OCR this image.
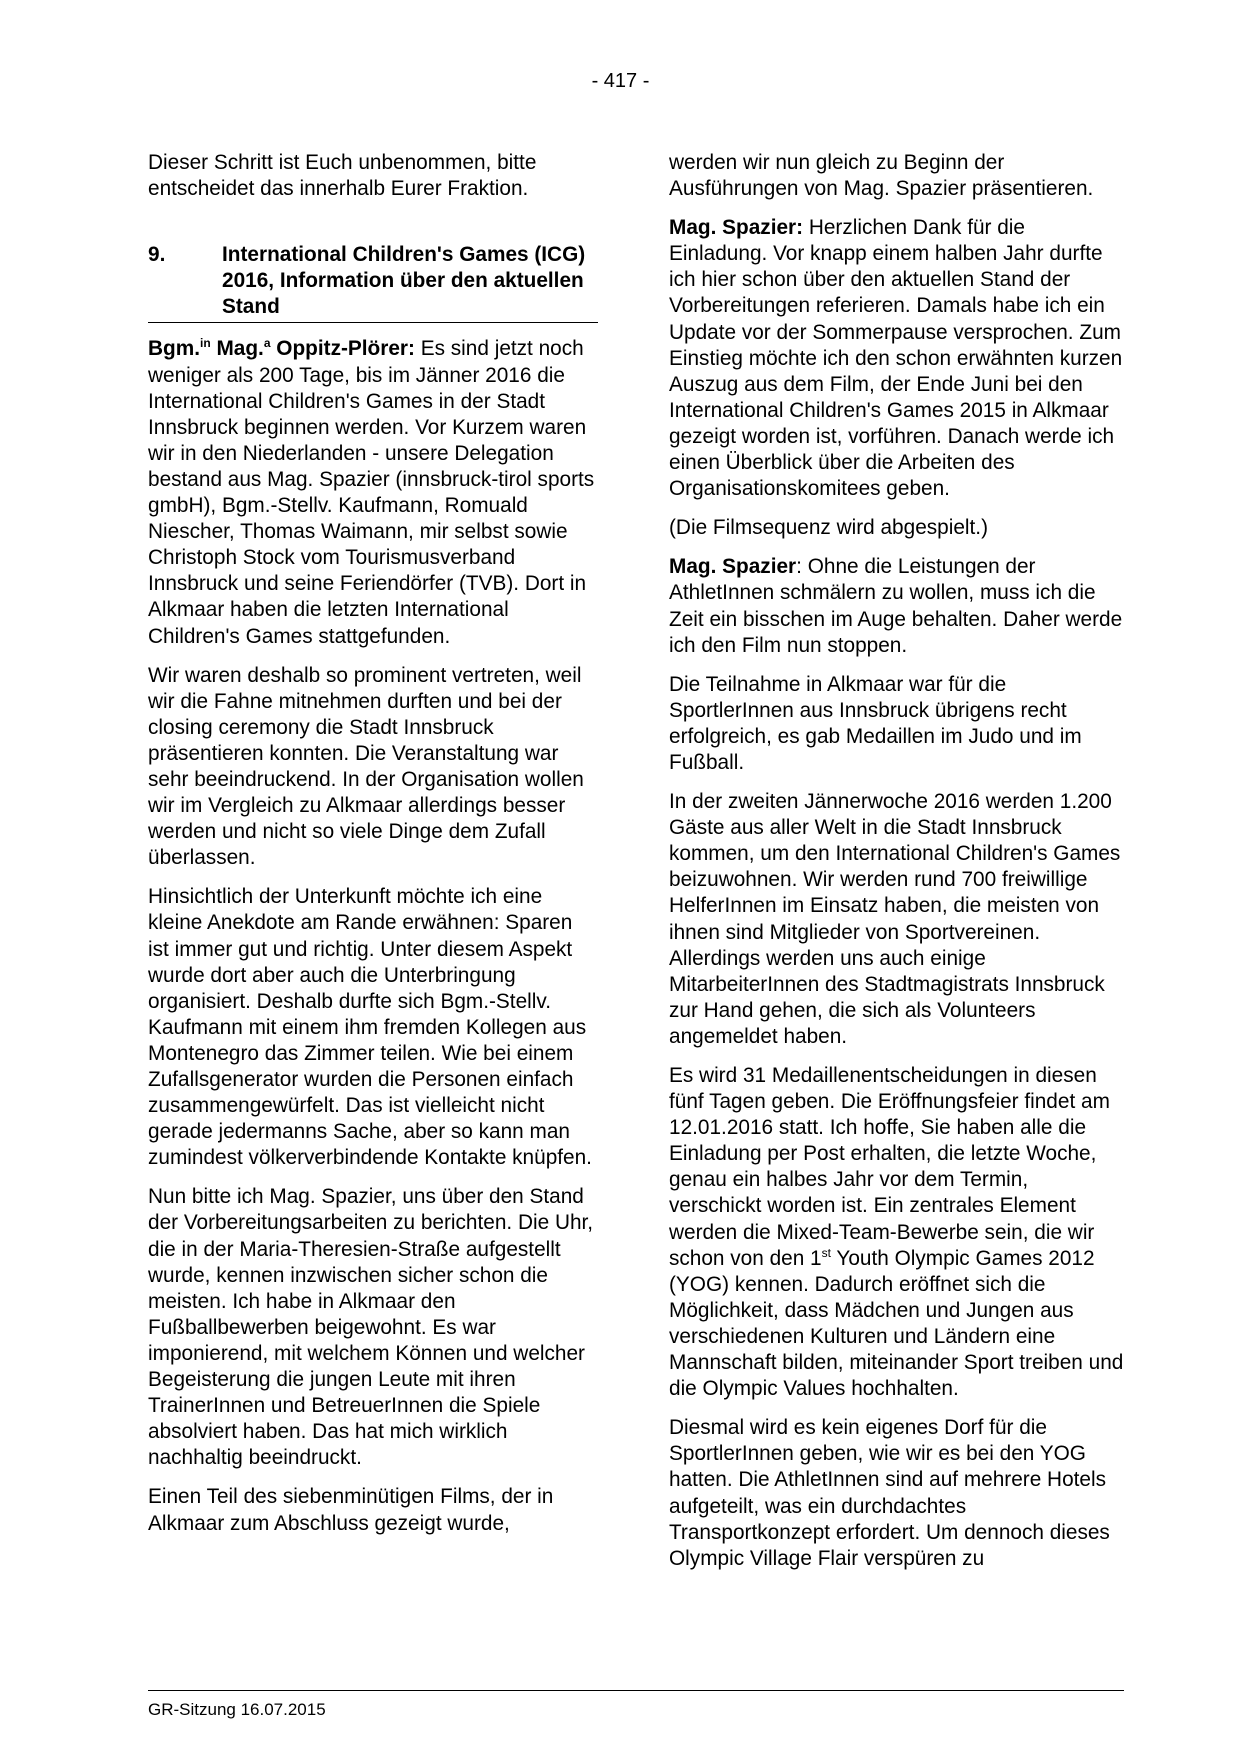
- 417 -

Dieser Schritt ist Euch unbenommen, bitte entscheidet das innerhalb Eurer Fraktion.

9.	International Children's Games (ICG) 2016, Information über den aktuellen Stand

Bgm.$^{in}$ Mag.$^a$ Oppitz-Plörer: Es sind jetzt noch weniger als 200 Tage, bis im Jänner 2016 die International Children's Games in der Stadt Innsbruck beginnen werden. Vor Kurzem waren wir in den Niederlanden - unsere Delegation bestand aus Mag. Spazier (innsbruck-tirol sports gmbH), Bgm.-Stellv. Kaufmann, Romuald Niescher, Thomas Waimann, mir selbst sowie Christoph Stock vom Tourismusverband Innsbruck und seine Feriendörfer (TVB). Dort in Alkmaar haben die letzten International Children's Games stattgefunden.

Wir waren deshalb so prominent vertreten, weil wir die Fahne mitnehmen durften und bei der closing ceremony die Stadt Innsbruck präsentieren konnten. Die Veranstaltung war sehr beeindruckend. In der Organisation wollen wir im Vergleich zu Alkmaar allerdings besser werden und nicht so viele Dinge dem Zufall überlassen.

Hinsichtlich der Unterkunft möchte ich eine kleine Anekdote am Rande erwähnen: Sparen ist immer gut und richtig. Unter diesem Aspekt wurde dort aber auch die Unterbringung organisiert. Deshalb durfte sich Bgm.-Stellv. Kaufmann mit einem ihm fremden Kollegen aus Montenegro das Zimmer teilen. Wie bei einem Zufallsgenerator wurden die Personen einfach zusammengewürfelt. Das ist vielleicht nicht gerade jedermanns Sache, aber so kann man zumindest völkerverbindende Kontakte knüpfen.

Nun bitte ich Mag. Spazier, uns über den Stand der Vorbereitungsarbeiten zu berichten. Die Uhr, die in der Maria-Theresien-Straße aufgestellt wurde, kennen inzwischen sicher schon die meisten. Ich habe in Alkmaar den Fußballbewerben beigewohnt. Es war imponierend, mit welchem Können und welcher Begeisterung die jungen Leute mit ihren TrainerInnen und BetreuerInnen die Spiele absolviert haben. Das hat mich wirklich nachhaltig beeindruckt.

Einen Teil des siebenminütigen Films, der in Alkmaar zum Abschluss gezeigt wurde,

werden wir nun gleich zu Beginn der Ausführungen von Mag. Spazier präsentieren.

Mag. Spazier: Herzlichen Dank für die Einladung. Vor knapp einem halben Jahr durfte ich hier schon über den aktuellen Stand der Vorbereitungen referieren. Damals habe ich ein Update vor der Sommerpause versprochen. Zum Einstieg möchte ich den schon erwähnten kurzen Auszug aus dem Film, der Ende Juni bei den International Children's Games 2015 in Alkmaar gezeigt worden ist, vorführen. Danach werde ich einen Überblick über die Arbeiten des Organisationskomitees geben.

(Die Filmsequenz wird abgespielt.)

Mag. Spazier: Ohne die Leistungen der AthletInnen schmälern zu wollen, muss ich die Zeit ein bisschen im Auge behalten. Daher werde ich den Film nun stoppen.

Die Teilnahme in Alkmaar war für die SportlerInnen aus Innsbruck übrigens recht erfolgreich, es gab Medaillen im Judo und im Fußball.

In der zweiten Jännerwoche 2016 werden 1.200 Gäste aus aller Welt in die Stadt Innsbruck kommen, um den International Children's Games beizuwohnen. Wir werden rund 700 freiwillige HelferInnen im Einsatz haben, die meisten von ihnen sind Mitglieder von Sportvereinen. Allerdings werden uns auch einige MitarbeiterInnen des Stadtmagistrats Innsbruck zur Hand gehen, die sich als Volunteers angemeldet haben.

Es wird 31 Medaillenentscheidungen in diesen fünf Tagen geben. Die Eröffnungsfeier findet am 12.01.2016 statt. Ich hoffe, Sie haben alle die Einladung per Post erhalten, die letzte Woche, genau ein halbes Jahr vor dem Termin, verschickt worden ist. Ein zentrales Element werden die Mixed-Team-Bewerbe sein, die wir schon von den 1st Youth Olympic Games 2012 (YOG) kennen. Dadurch eröffnet sich die Möglichkeit, dass Mädchen und Jungen aus verschiedenen Kulturen und Ländern eine Mannschaft bilden, miteinander Sport treiben und die Olympic Values hochhalten.

Diesmal wird es kein eigenes Dorf für die SportlerInnen geben, wie wir es bei den YOG hatten. Die AthletInnen sind auf mehrere Hotels aufgeteilt, was ein durchdachtes Transportkonzept erfordert. Um dennoch dieses Olympic Village Flair verspüren zu

GR-Sitzung 16.07.2015
